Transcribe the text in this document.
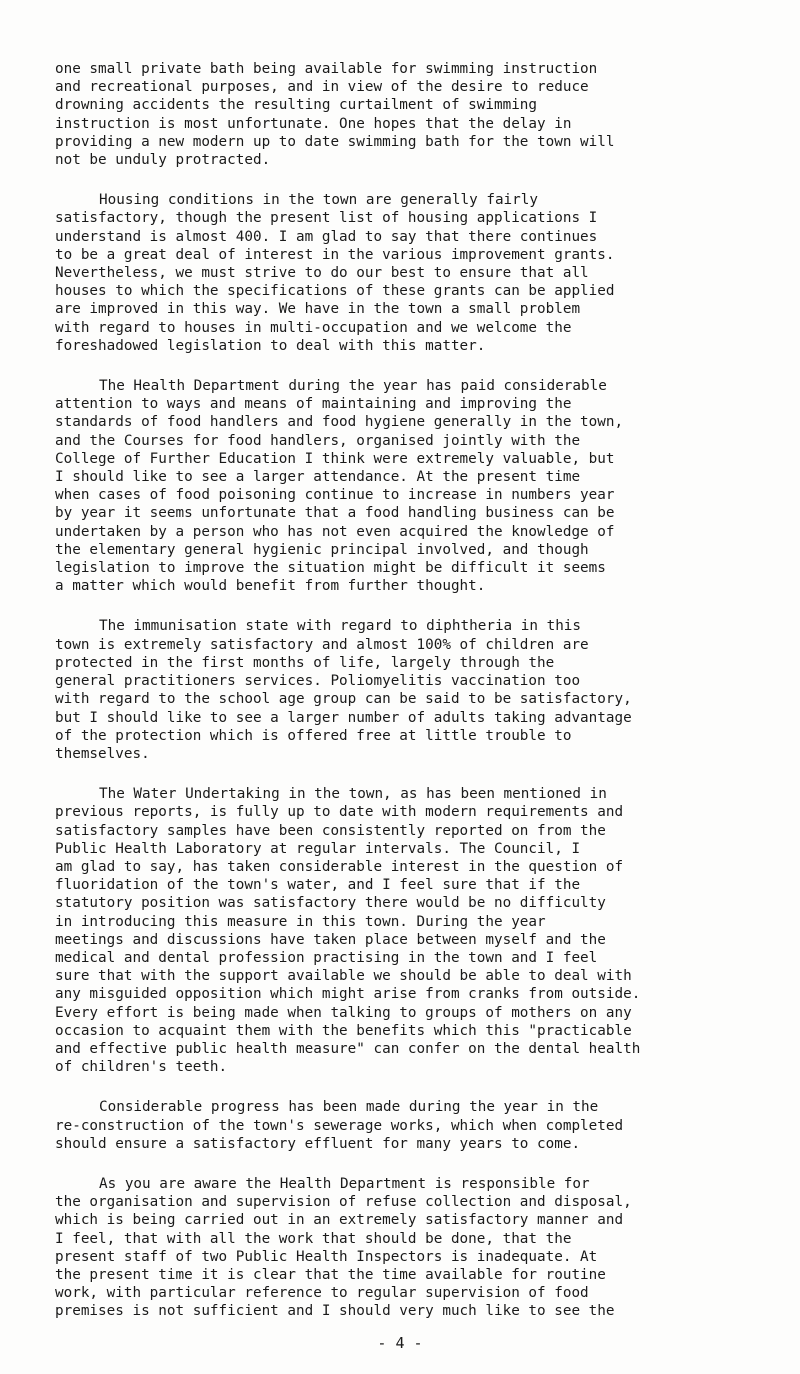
one small private bath being available for swimming instruction
and recreational purposes, and in view of the desire to reduce
drowning accidents the resulting curtailment of swimming
instruction is most unfortunate. One hopes that the delay in
providing a new modern up to date swimming bath for the town will
not be unduly protracted.

Housing conditions in the town are generally fairly
satisfactory, though the present list of housing applications I
understand is almost 400. I am glad to say that there continues
to be a great deal of interest in the various improvement grants.
Nevertheless, we must strive to do our best to ensure that all
houses to which the specifications of these grants can be applied
are improved in this way. We have in the town a small problem
with regard to houses in multi-occupation and we welcome the
foreshadowed legislation to deal with this matter.

The Health Department during the year has paid considerable
attention to ways and means of maintaining and improving the
standards of food handlers and food hygiene generally in the town,
and the Courses for food handlers, organised jointly with the
College of Further Education I think were extremely valuable, but
I should like to see a larger attendance. At the present time
when cases of food poisoning continue to increase in numbers year
by year it seems unfortunate that a food handling business can be
undertaken by a person who has not even acquired the knowledge of
the elementary general hygienic principal involved, and though
legislation to improve the situation might be difficult it seems
a matter which would benefit from further thought.

The immunisation state with regard to diphtheria in this
town is extremely satisfactory and almost 100% of children are
protected in the first months of life, largely through the
general practitioners services. Poliomyelitis vaccination too
with regard to the school age group can be said to be satisfactory,
but I should like to see a larger number of adults taking advantage
of the protection which is offered free at little trouble to
themselves.

The Water Undertaking in the town, as has been mentioned in
previous reports, is fully up to date with modern requirements and
satisfactory samples have been consistently reported on from the
Public Health Laboratory at regular intervals. The Council, I
am glad to say, has taken considerable interest in the question of
fluoridation of the town's water, and I feel sure that if the
statutory position was satisfactory there would be no difficulty
in introducing this measure in this town. During the year
meetings and discussions have taken place between myself and the
medical and dental profession practising in the town and I feel
sure that with the support available we should be able to deal with
any misguided opposition which might arise from cranks from outside.
Every effort is being made when talking to groups of mothers on any
occasion to acquaint them with the benefits which this "practicable
and effective public health measure" can confer on the dental health
of children's teeth.

Considerable progress has been made during the year in the
re-construction of the town's sewerage works, which when completed
should ensure a satisfactory effluent for many years to come.

As you are aware the Health Department is responsible for
the organisation and supervision of refuse collection and disposal,
which is being carried out in an extremely satisfactory manner and
I feel, that with all the work that should be done, that the
present staff of two Public Health Inspectors is inadequate. At
the present time it is clear that the time available for routine
work, with particular reference to regular supervision of food
premises is not sufficient and I should very much like to see the

- 4 -
